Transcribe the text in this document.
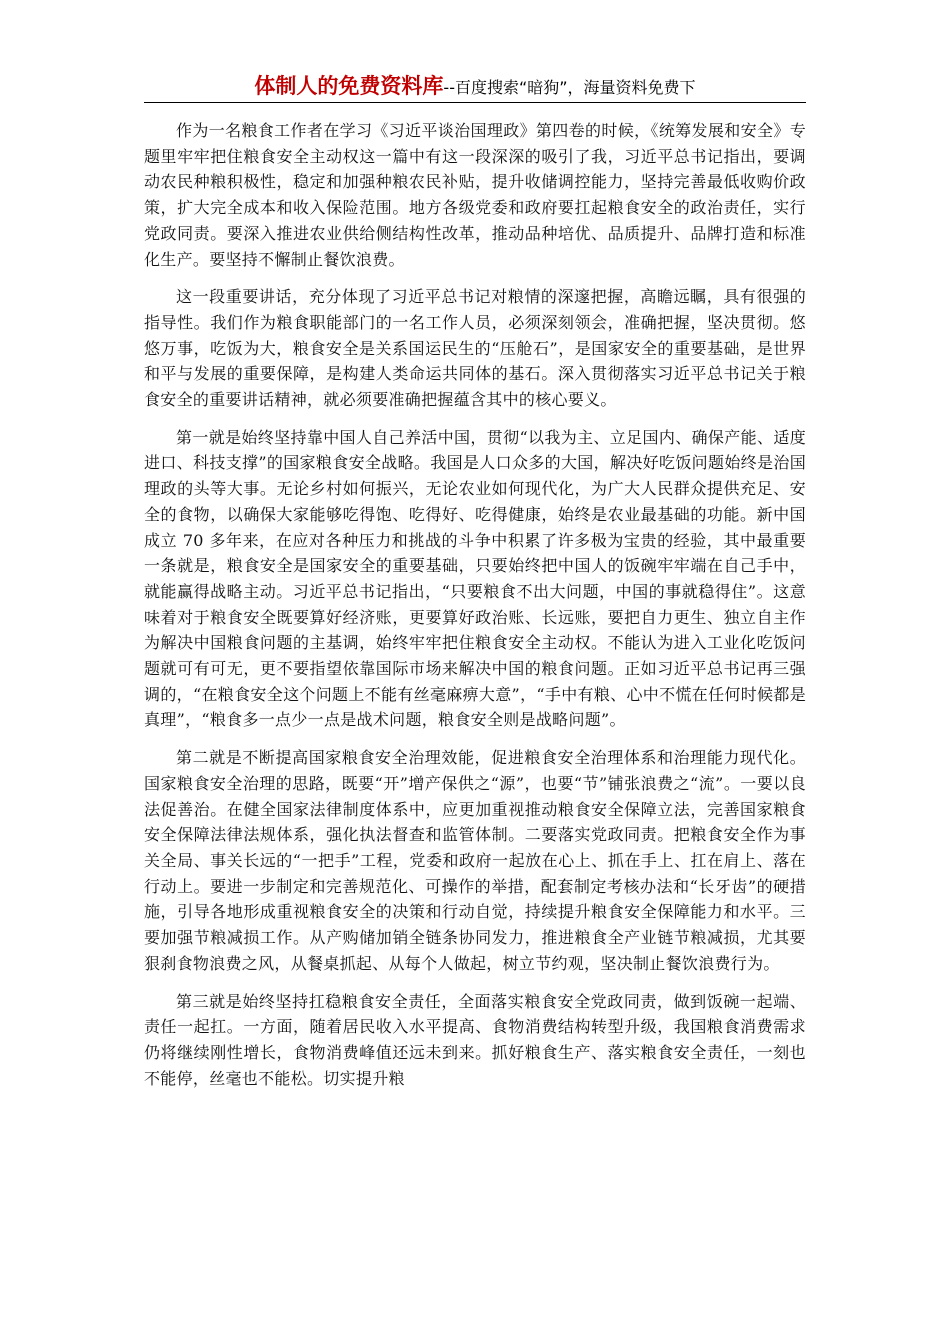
体制人的免费资料库--百度搜索“暗狗”，海量资料免费下

作为一名粮食工作者在学习《习近平谈治国理政》第四卷的时候，《统筹发展和安全》专题里牢牢把住粮食安全主动权这一篇中有这一段深深的吸引了我，习近平总书记指出，要调动农民种粮积极性，稳定和加强种粮农民补贴，提升收储调控能力，坚持完善最低收购价政策，扩大完全成本和收入保险范围。地方各级党委和政府要扛起粮食安全的政治责任，实行党政同责。要深入推进农业供给侧结构性改革，推动品种培优、品质提升、品牌打造和标准化生产。要坚持不懈制止餐饮浪费。

这一段重要讲话，充分体现了习近平总书记对粮情的深邃把握，高瞻远瞩，具有很强的指导性。我们作为粮食职能部门的一名工作人员，必须深刻领会，准确把握，坚决贯彻。悠悠万事，吃饭为大，粮食安全是关系国运民生的“压舱石”，是国家安全的重要基础，是世界和平与发展的重要保障，是构建人类命运共同体的基石。深入贯彻落实习近平总书记关于粮食安全的重要讲话精神，就必须要准确把握蕴含其中的核心要义。

第一就是始终坚持靠中国人自己养活中国，贯彻“以我为主、立足国内、确保产能、适度进口、科技支撑”的国家粮食安全战略。我国是人口众多的大国，解决好吃饭问题始终是治国理政的头等大事。无论乡村如何振兴，无论农业如何现代化，为广大人民群众提供充足、安全的食物，以确保大家能够吃得饱、吃得好、吃得健康，始终是农业最基础的功能。新中国成立 70 多年来，在应对各种压力和挑战的斗争中积累了许多极为宝贵的经验，其中最重要一条就是，粮食安全是国家安全的重要基础，只要始终把中国人的饭碗牢牢端在自己手中，就能赢得战略主动。习近平总书记指出，“只要粮食不出大问题，中国的事就稳得住”。这意味着对于粮食安全既要算好经济账，更要算好政治账、长远账，要把自力更生、独立自主作为解决中国粮食问题的主基调，始终牢牢把住粮食安全主动权。不能认为进入工业化吃饭问题就可有可无，更不要指望依靠国际市场来解决中国的粮食问题。正如习近平总书记再三强调的，“在粮食安全这个问题上不能有丝毫麻痹大意”，“手中有粮、心中不慌在任何时候都是真理”，“粮食多一点少一点是战术问题，粮食安全则是战略问题”。

第二就是不断提高国家粮食安全治理效能，促进粮食安全治理体系和治理能力现代化。国家粮食安全治理的思路，既要“开”增产保供之“源”，也要“节”铺张浪费之“流”。一要以良法促善治。在健全国家法律制度体系中，应更加重视推动粮食安全保障立法，完善国家粮食安全保障法律法规体系，强化执法督查和监管体制。二要落实党政同责。把粮食安全作为事关全局、事关长远的“一把手”工程，党委和政府一起放在心上、抓在手上、扛在肩上、落在行动上。要进一步制定和完善规范化、可操作的举措，配套制定考核办法和“长牙齿”的硬措施，引导各地形成重视粮食安全的决策和行动自觉，持续提升粮食安全保障能力和水平。三要加强节粮减损工作。从产购储加销全链条协同发力，推进粮食全产业链节粮减损，尤其要狠刹食物浪费之风，从餐桌抓起、从每个人做起，树立节约观，坚决制止餐饮浪费行为。

第三就是始终坚持扛稳粮食安全责任，全面落实粮食安全党政同责，做到饭碗一起端、责任一起扛。一方面，随着居民收入水平提高、食物消费结构转型升级，我国粮食消费需求仍将继续刚性增长，食物消费峰值还远未到来。抓好粮食生产、落实粮食安全责任，一刻也不能停，丝毫也不能松。切实提升粮
